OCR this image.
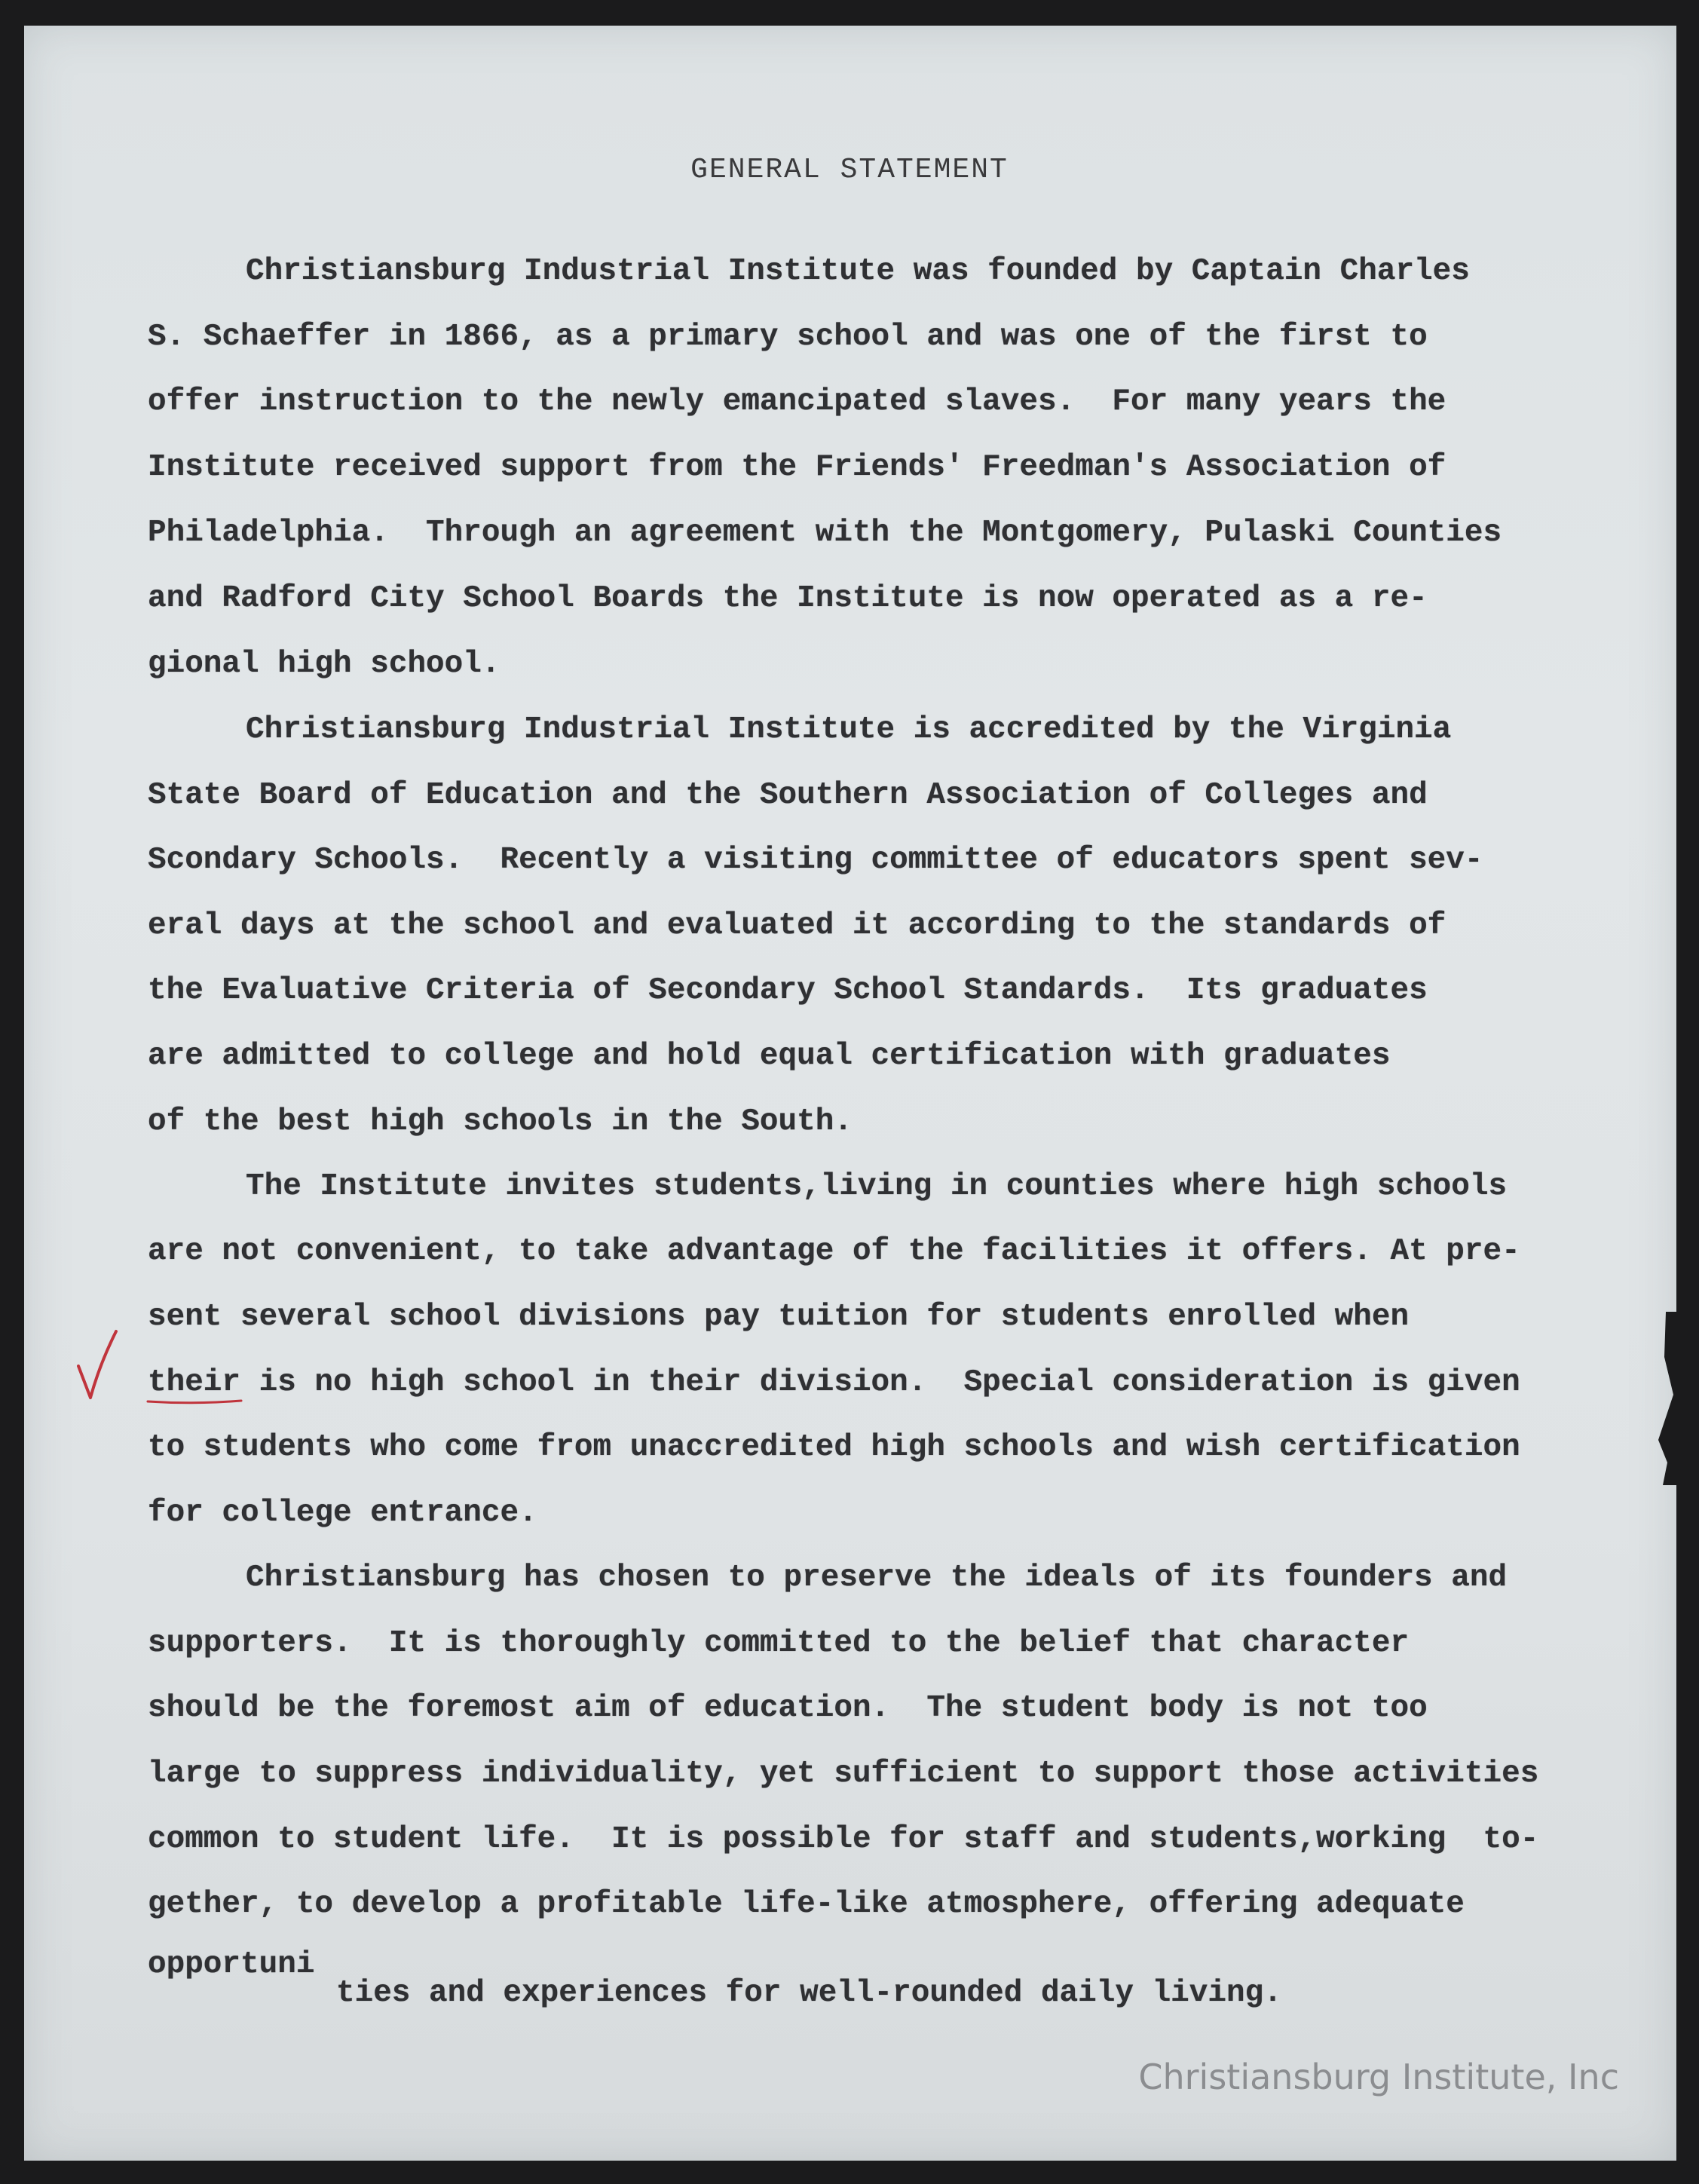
GENERAL STATEMENT

Christiansburg Industrial Institute was founded by Captain Charles

S. Schaeffer in 1866, as a primary school and was one of the first to

offer instruction to the newly emancipated slaves.  For many years the

Institute received support from the Friends' Freedman's Association of

Philadelphia.  Through an agreement with the Montgomery, Pulaski Counties

and Radford City School Boards the Institute is now operated as a re-

gional high school.

Christiansburg Industrial Institute is accredited by the Virginia

State Board of Education and the Southern Association of Colleges and

Scondary Schools.  Recently a visiting committee of educators spent sev-

eral days at the school and evaluated it according to the standards of

the Evaluative Criteria of Secondary School Standards.  Its graduates

are admitted to college and hold equal certification with graduates

of the best high schools in the South.

The Institute invites students,living in counties where high schools

are not convenient, to take advantage of the facilities it offers. At pre-

sent several school divisions pay tuition for students enrolled when

their is no high school in their division.  Special consideration is given

to students who come from unaccredited high schools and wish certification

for college entrance.

Christiansburg has chosen to preserve the ideals of its founders and

supporters.  It is thoroughly committed to the belief that character

should be the foremost aim of education.  The student body is not too

large to suppress individuality, yet sufficient to support those activities

common to student life.  It is possible for staff and students,working  to-

gether, to develop a profitable life-like atmosphere, offering adequate

opportuni

ties and experiences for well-rounded daily living.

Christiansburg Institute, Inc
